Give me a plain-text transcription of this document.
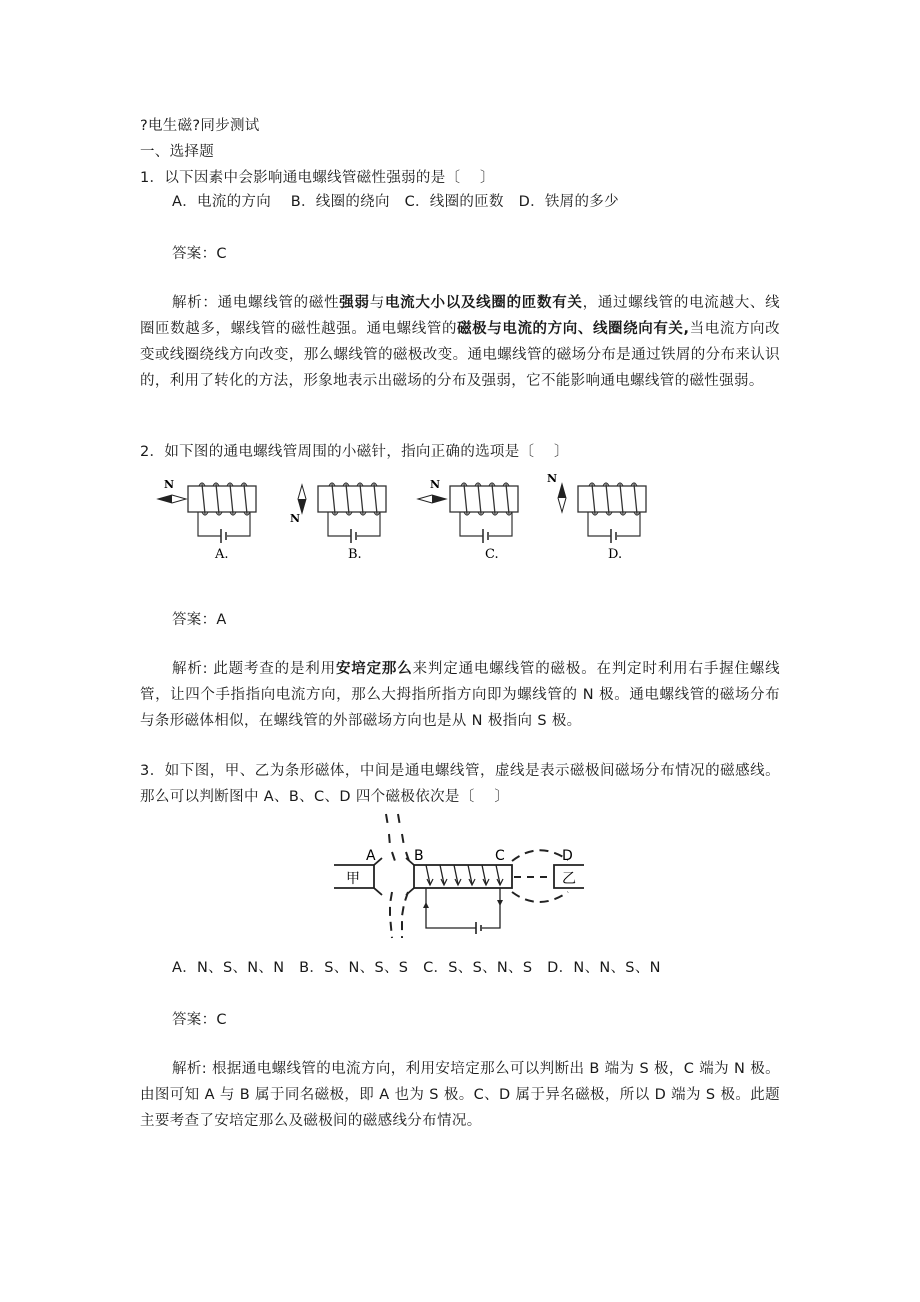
?电生磁?同步测试
一、选择题
1．以下因素中会影响通电螺线管磁性强弱的是〔　 〕
A．电流的方向　 B．线圈的绕向　C．线圈的匝数　D．铁屑的多少
答案：C
解析：通电螺线管的磁性强弱与电流大小以及线圈的匝数有关，通过螺线管的电流越大、线圈匝数越多，螺线管的磁性越强。通电螺线管的磁极与电流的方向、线圈绕向有关,当电流方向改变或线圈绕线方向改变，那么螺线管的磁极改变。通电螺线管的磁场分布是通过铁屑的分布来认识的，利用了转化的方法，形象地表示出磁场的分布及强弱，它不能影响通电螺线管的磁性强弱。
2．如下图的通电螺线管周围的小磁针，指向正确的选项是〔　 〕
N
A.
N
B.
N
C.
N
D.
答案：A
解析: 此题考查的是利用安培定那么来判定通电螺线管的磁极。在判定时利用右手握住螺线管，让四个手指指向电流方向，那么大拇指所指方向即为螺线管的 N 极。通电螺线管的磁场分布与条形磁体相似，在螺线管的外部磁场方向也是从 N 极指向 S 极。
3．如下图，甲、乙为条形磁体，中间是通电螺线管，虚线是表示磁极间磁场分布情况的磁感线。那么可以判断图中 A、B、C、D 四个磁极依次是〔　 〕
甲
A	B	C
乙
D
A．N、S、N、N　B．S、N、S、S　C．S、S、N、S　D．N、N、S、N
答案：C
解析: 根据通电螺线管的电流方向，利用安培定那么可以判断出 B 端为 S 极，C 端为 N 极。由图可知 A 与 B 属于同名磁极，即 A 也为 S 极。C、D 属于异名磁极，所以 D 端为 S 极。此题主要考查了安培定那么及磁极间的磁感线分布情况。
